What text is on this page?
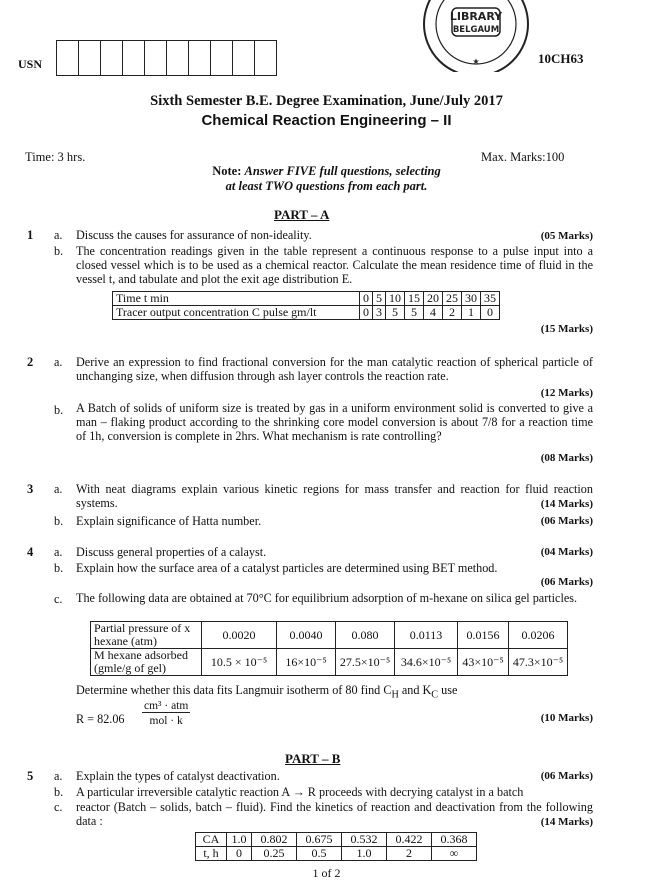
USN
LIBRARY
BELGAUM
★	10CH63
Sixth Semester B.E. Degree Examination, June/July 2017
Chemical Reaction Engineering – II
Time: 3 hrs.	Max. Marks:100
Note: Answer FIVE full questions, selecting
at least TWO questions from each part.
PART – A
1 a. Discuss the causes for assurance of non-ideality.	(05 Marks)
b. The concentration readings given in the table represent a continuous response to a pulse input into a closed vessel which is to be used as a chemical reactor. Calculate the mean residence time of fluid in the vessel t, and tabulate and plot the exit age distribution E.
Time t min	0	5	10	15	20	25	30	35
Tracer output concentration C pulse gm/lt	0	3	5	5	4	2	1	0
(15 Marks)
2 a. Derive an expression to find fractional conversion for the man catalytic reaction of spherical particle of unchanging size, when diffusion through ash layer controls the reaction rate.
(12 Marks)
b. A Batch of solids of uniform size is treated by gas in a uniform environment solid is converted to give a man – flaking product according to the shrinking core model conversion is about 7/8 for a reaction time of 1h, conversion is complete in 2hrs. What mechanism is rate controlling?
(08 Marks)
3 a. With neat diagrams explain various kinetic regions for mass transfer and reaction for fluid reaction systems.	(14 Marks)
b. Explain significance of Hatta number.	(06 Marks)
4 a. Discuss general properties of a calayst.	(04 Marks)
b. Explain how the surface area of a catalyst particles are determined using BET method.
(06 Marks)
c. The following data are obtained at 70°C for equilibrium adsorption of m-hexane on silica gel particles.
Partial pressure of x hexane (atm)	0.0020	0.0040	0.080	0.0113	0.0156	0.0206
M hexane adsorbed (gmle/g of gel)	10.5 × 10⁻⁵	16×10⁻⁵	27.5×10⁻⁵	34.6×10⁻⁵	43×10⁻⁵	47.3×10⁻⁵
Determine whether this data fits Langmuir isotherm of 80 find $C_H$ and $K_C$ use
R = 82.06
cm³ · atm
mol · k	(10 Marks)
PART – B
5 a. Explain the types of catalyst deactivation.	(06 Marks)
b. A particular irreversible catalytic reaction A → R proceeds with decrying catalyst in a batch
c. reactor (Batch – solids, batch – fluid). Find the kinetics of reaction and deactivation from the following data :	(14 Marks)
CA	1.0	0.802	0.675	0.532	0.422	0.368
t, h	0	0.25	0.5	1.0	2	∞
1 of 2
